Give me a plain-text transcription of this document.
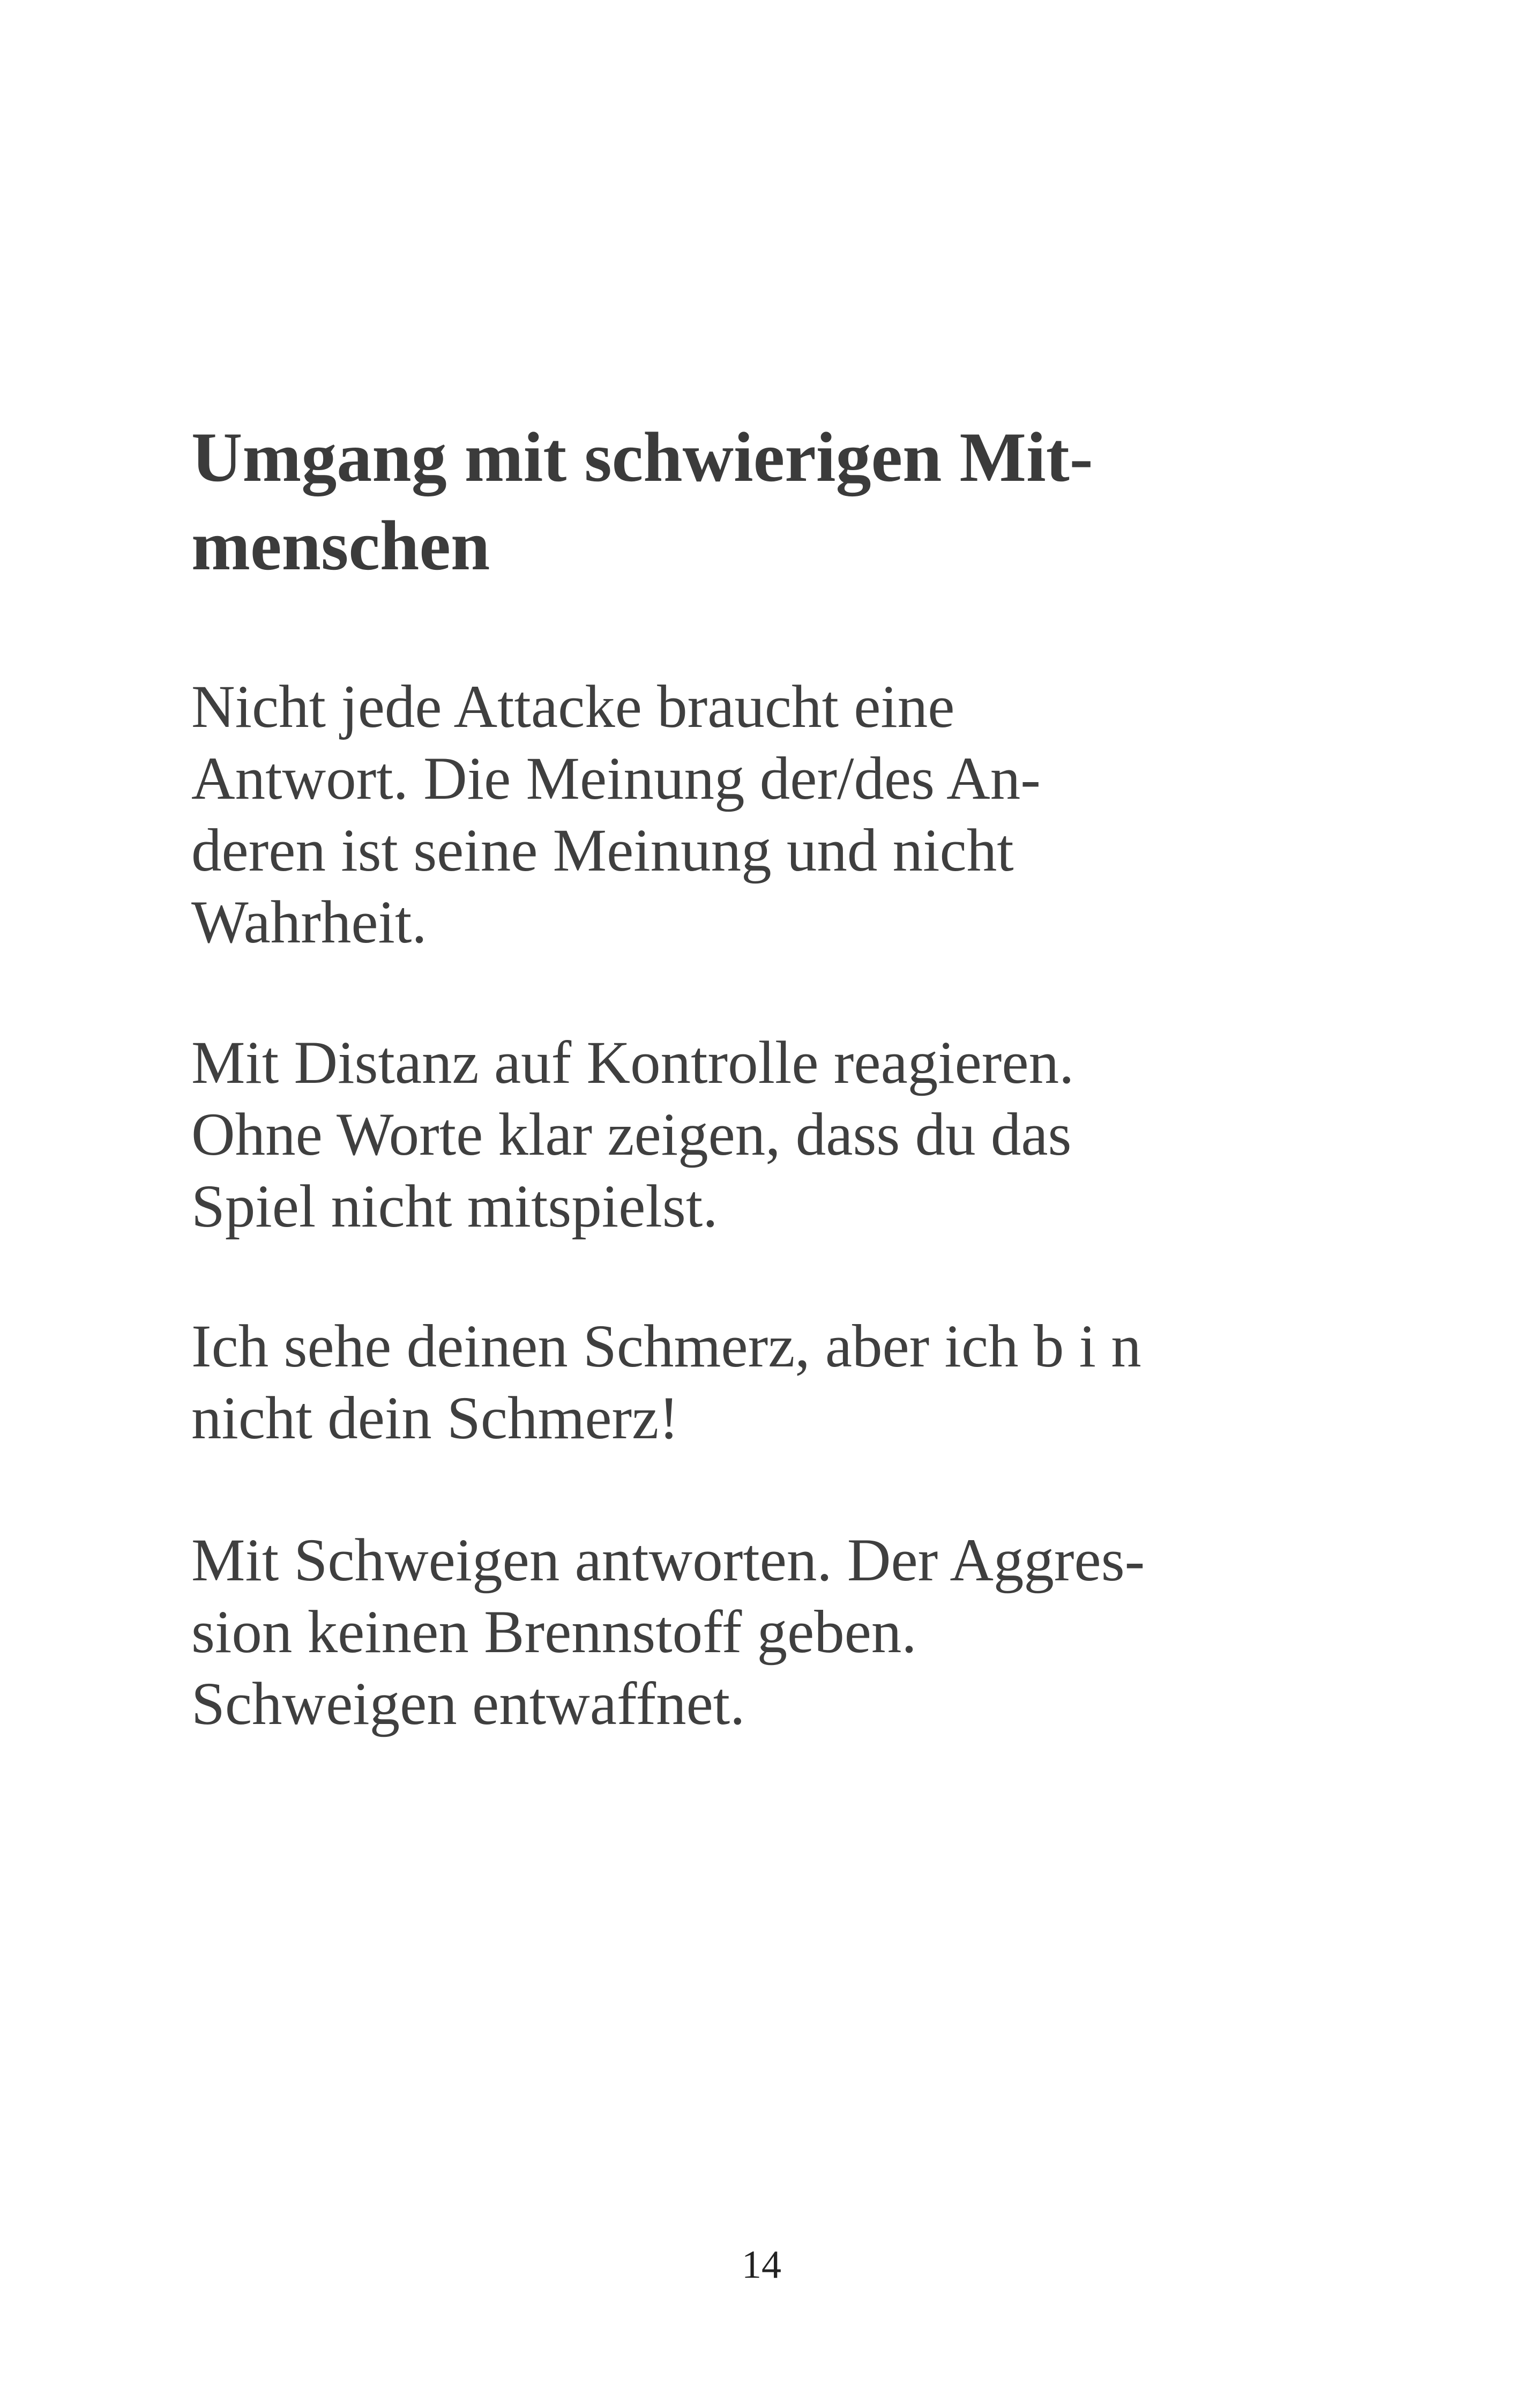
Umgang mit schwierigen Mit-
menschen

Nicht jede Attacke braucht eine
Antwort. Die Meinung der/des An-
deren ist seine Meinung und nicht
Wahrheit.

Mit Distanz auf Kontrolle reagieren.
Ohne Worte klar zeigen, dass du das
Spiel nicht mitspielst.

Ich sehe deinen Schmerz, aber ich b i n
nicht dein Schmerz!

Mit Schweigen antworten. Der Aggres-
sion keinen Brennstoff geben.
Schweigen entwaffnet.

14
